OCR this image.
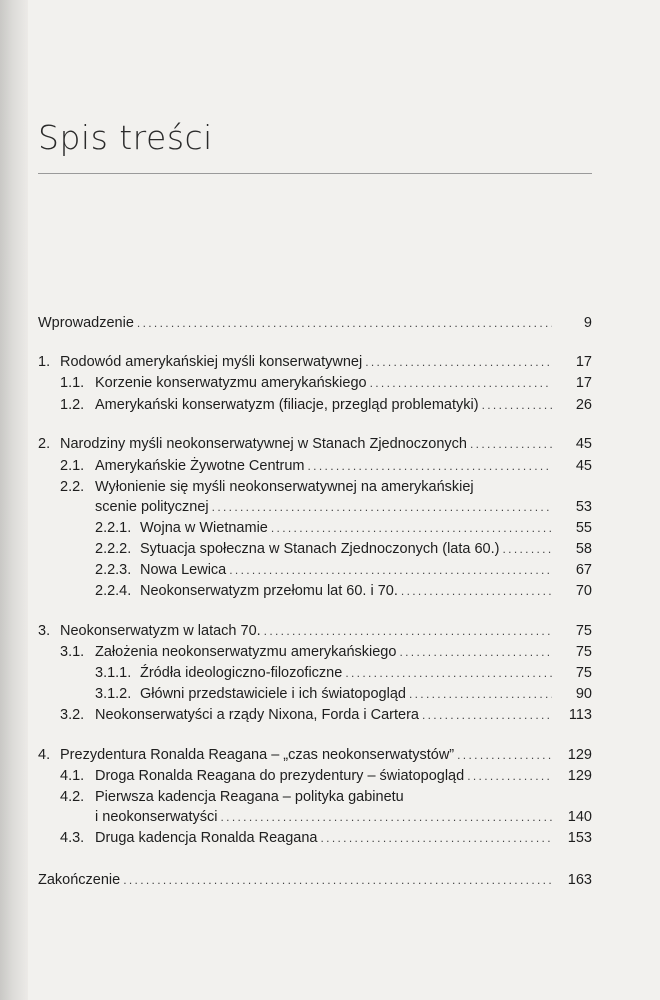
Spis treści
Wprowadzenie . . .	9
1. Rodowód amerykańskiej myśli konserwatywnej . . .	17
1.1. Korzenie konserwatyzmu amerykańskiego . . .	17
1.2. Amerykański konserwatyzm (filiacje, przegląd problematyki) . . .	26
2. Narodziny myśli neokonserwatywnej w Stanach Zjednoczonych . . .	45
2.1. Amerykańskie Żywotne Centrum . . .	45
2.2. Wyłonienie się myśli neokonserwatywnej na amerykańskiej
scenie politycznej . . .	53
2.2.1. Wojna w Wietnamie . . .	55
2.2.2. Sytuacja społeczna w Stanach Zjednoczonych (lata 60.) . . .	58
2.2.3. Nowa Lewica . . .	67
2.2.4. Neokonserwatyzm przełomu lat 60. i 70. . . .	70
3. Neokonserwatyzm w latach 70. . . .	75
3.1. Założenia neokonserwatyzmu amerykańskiego . . .	75
3.1.1. Źródła ideologiczno-filozoficzne . . .	75
3.1.2. Główni przedstawiciele i ich światopogląd . . .	90
3.2. Neokonserwatyści a rządy Nixona, Forda i Cartera . . .	113
4. Prezydentura Ronalda Reagana – „czas neokonserwatystów” . . .	129
4.1. Droga Ronalda Reagana do prezydentury – światopogląd . . .	129
4.2. Pierwsza kadencja Reagana – polityka gabinetu
i neokonserwatyści . . .	140
4.3. Druga kadencja Ronalda Reagana . . .	153
Zakończenie . . .	163
